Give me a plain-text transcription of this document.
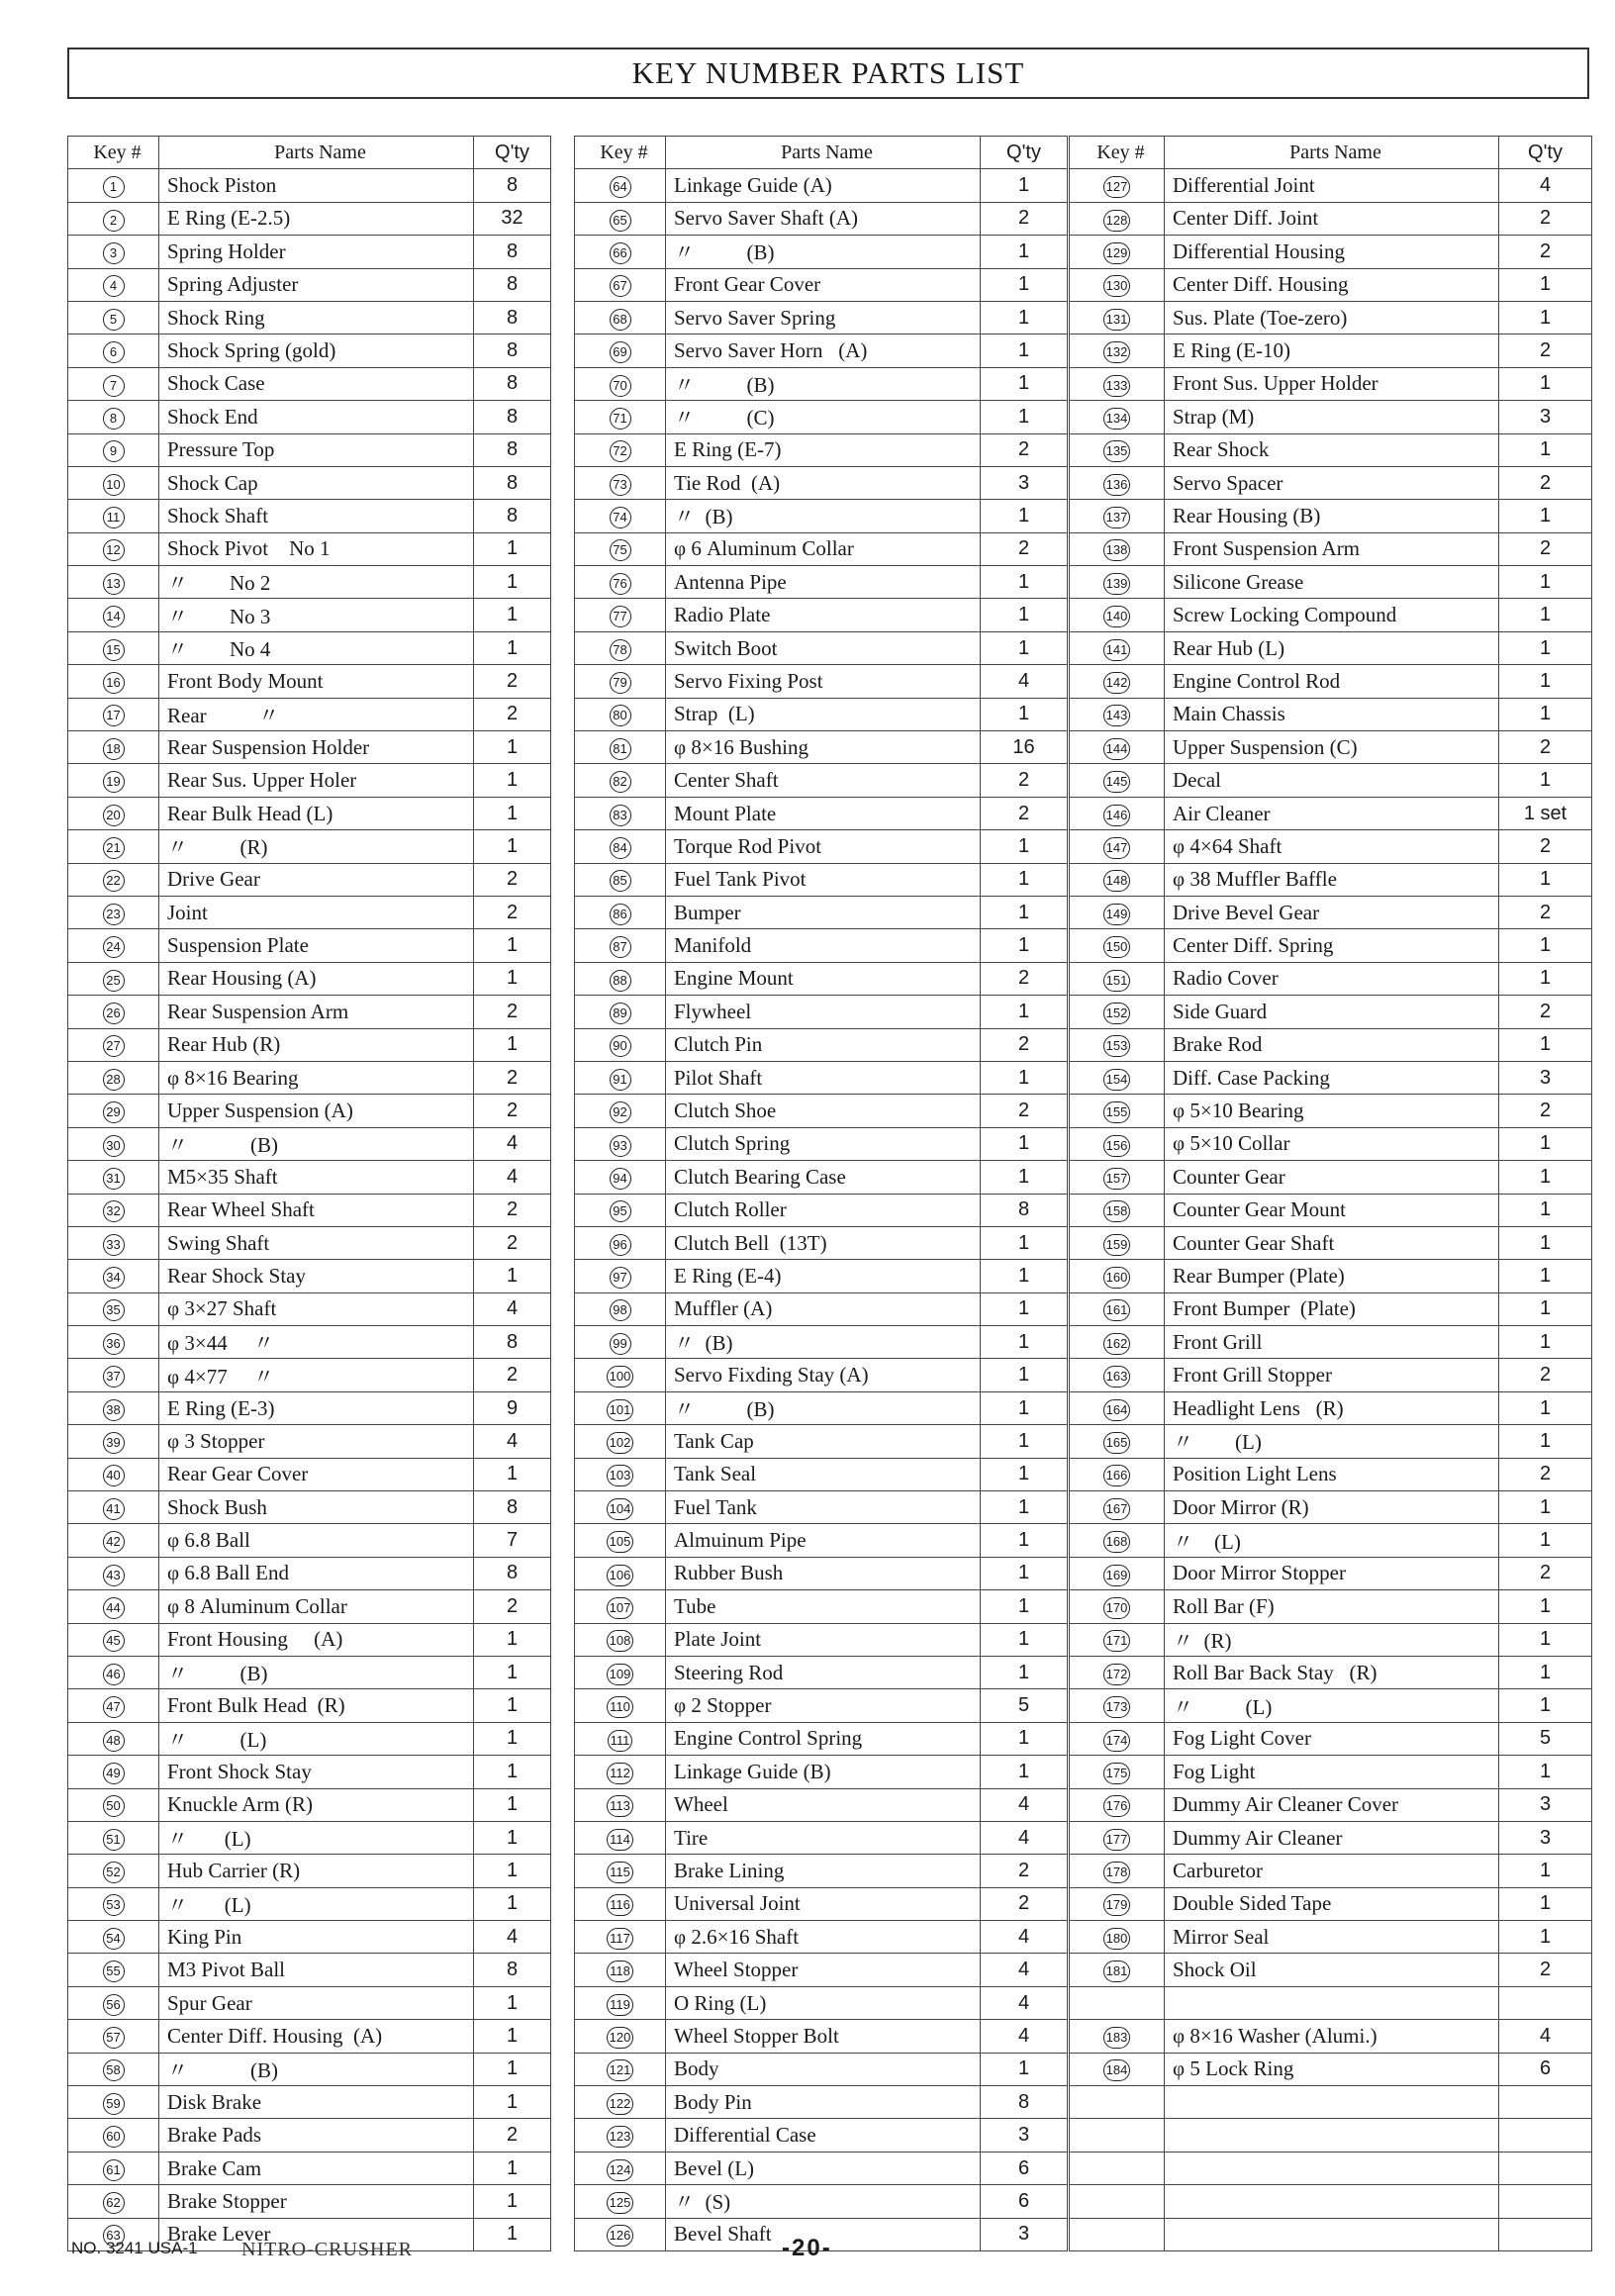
KEY NUMBER PARTS LIST
Key #	Parts Name	Q'ty
1	Shock Piston	8
2	E Ring (E-2.5)	32
3	Spring Holder	8
4	Spring Adjuster	8
5	Shock Ring	8
6	Shock Spring (gold)	8
7	Shock Case	8
8	Shock End	8
9	Pressure Top	8
10	Shock Cap	8
11	Shock Shaft	8
12	Shock Pivot    No 1	1
13	〃        No 2	1
14	〃        No 3	1
15	〃        No 4	1
16	Front Body Mount	2
17	Rear          〃	2
18	Rear Suspension Holder	1
19	Rear Sus. Upper Holer	1
20	Rear Bulk Head (L)	1
21	〃          (R)	1
22	Drive Gear	2
23	Joint	2
24	Suspension Plate	1
25	Rear Housing (A)	1
26	Rear Suspension Arm	2
27	Rear Hub (R)	1
28	φ 8×16 Bearing	2
29	Upper Suspension (A)	2
30	〃            (B)	4
31	M5×35 Shaft	4
32	Rear Wheel Shaft	2
33	Swing Shaft	2
34	Rear Shock Stay	1
35	φ 3×27 Shaft	4
36	φ 3×44     〃	8
37	φ 4×77     〃	2
38	E Ring (E-3)	9
39	φ 3 Stopper	4
40	Rear Gear Cover	1
41	Shock Bush	8
42	φ 6.8 Ball	7
43	φ 6.8 Ball End	8
44	φ 8 Aluminum Collar	2
45	Front Housing     (A)	1
46	〃          (B)	1
47	Front Bulk Head  (R)	1
48	〃          (L)	1
49	Front Shock Stay	1
50	Knuckle Arm (R)	1
51	〃       (L)	1
52	Hub Carrier (R)	1
53	〃       (L)	1
54	King Pin	4
55	M3 Pivot Ball	8
56	Spur Gear	1
57	Center Diff. Housing  (A)	1
58	〃            (B)	1
59	Disk Brake	1
60	Brake Pads	2
61	Brake Cam	1
62	Brake Stopper	1
63	Brake Lever	1
Key #	Parts Name	Q'ty
64	Linkage Guide (A)	1
65	Servo Saver Shaft (A)	2
66	〃          (B)	1
67	Front Gear Cover	1
68	Servo Saver Spring	1
69	Servo Saver Horn   (A)	1
70	〃          (B)	1
71	〃          (C)	1
72	E Ring (E-7)	2
73	Tie Rod  (A)	3
74	〃  (B)	1
75	φ 6 Aluminum Collar	2
76	Antenna Pipe	1
77	Radio Plate	1
78	Switch Boot	1
79	Servo Fixing Post	4
80	Strap  (L)	1
81	φ 8×16 Bushing	16
82	Center Shaft	2
83	Mount Plate	2
84	Torque Rod Pivot	1
85	Fuel Tank Pivot	1
86	Bumper	1
87	Manifold	1
88	Engine Mount	2
89	Flywheel	1
90	Clutch Pin	2
91	Pilot Shaft	1
92	Clutch Shoe	2
93	Clutch Spring	1
94	Clutch Bearing Case	1
95	Clutch Roller	8
96	Clutch Bell  (13T)	1
97	E Ring (E-4)	1
98	Muffler (A)	1
99	〃  (B)	1
100	Servo Fixding Stay (A)	1
101	〃          (B)	1
102	Tank Cap	1
103	Tank Seal	1
104	Fuel Tank	1
105	Almuinum Pipe	1
106	Rubber Bush	1
107	Tube	1
108	Plate Joint	1
109	Steering Rod	1
110	φ 2 Stopper	5
111	Engine Control Spring	1
112	Linkage Guide (B)	1
113	Wheel	4
114	Tire	4
115	Brake Lining	2
116	Universal Joint	2
117	φ 2.6×16 Shaft	4
118	Wheel Stopper	4
119	O Ring (L)	4
120	Wheel Stopper Bolt	4
121	Body	1
122	Body Pin	8
123	Differential Case	3
124	Bevel (L)	6
125	〃  (S)	6
126	Bevel Shaft	3
Key #	Parts Name	Q'ty
127	Differential Joint	4
128	Center Diff. Joint	2
129	Differential Housing	2
130	Center Diff. Housing	1
131	Sus. Plate (Toe-zero)	1
132	E Ring (E-10)	2
133	Front Sus. Upper Holder	1
134	Strap (M)	3
135	Rear Shock	1
136	Servo Spacer	2
137	Rear Housing (B)	1
138	Front Suspension Arm	2
139	Silicone Grease	1
140	Screw Locking Compound	1
141	Rear Hub (L)	1
142	Engine Control Rod	1
143	Main Chassis	1
144	Upper Suspension (C)	2
145	Decal	1
146	Air Cleaner	1 set
147	φ 4×64 Shaft	2
148	φ 38 Muffler Baffle	1
149	Drive Bevel Gear	2
150	Center Diff. Spring	1
151	Radio Cover	1
152	Side Guard	2
153	Brake Rod	1
154	Diff. Case Packing	3
155	φ 5×10 Bearing	2
156	φ 5×10 Collar	1
157	Counter Gear	1
158	Counter Gear Mount	1
159	Counter Gear Shaft	1
160	Rear Bumper (Plate)	1
161	Front Bumper  (Plate)	1
162	Front Grill	1
163	Front Grill Stopper	2
164	Headlight Lens   (R)	1
165	〃        (L)	1
166	Position Light Lens	2
167	Door Mirror (R)	1
168	〃    (L)	1
169	Door Mirror Stopper	2
170	Roll Bar (F)	1
171	〃  (R)	1
172	Roll Bar Back Stay   (R)	1
173	〃          (L)	1
174	Fog Light Cover	5
175	Fog Light	1
176	Dummy Air Cleaner Cover	3
177	Dummy Air Cleaner	3
178	Carburetor	1
179	Double Sided Tape	1
180	Mirror Seal	1
181	Shock Oil	2

183	φ 8×16 Washer (Alumi.)	4
184	φ 5 Lock Ring	6

NO. 3241 USA-1 NITRO-CRUSHER	-20-
